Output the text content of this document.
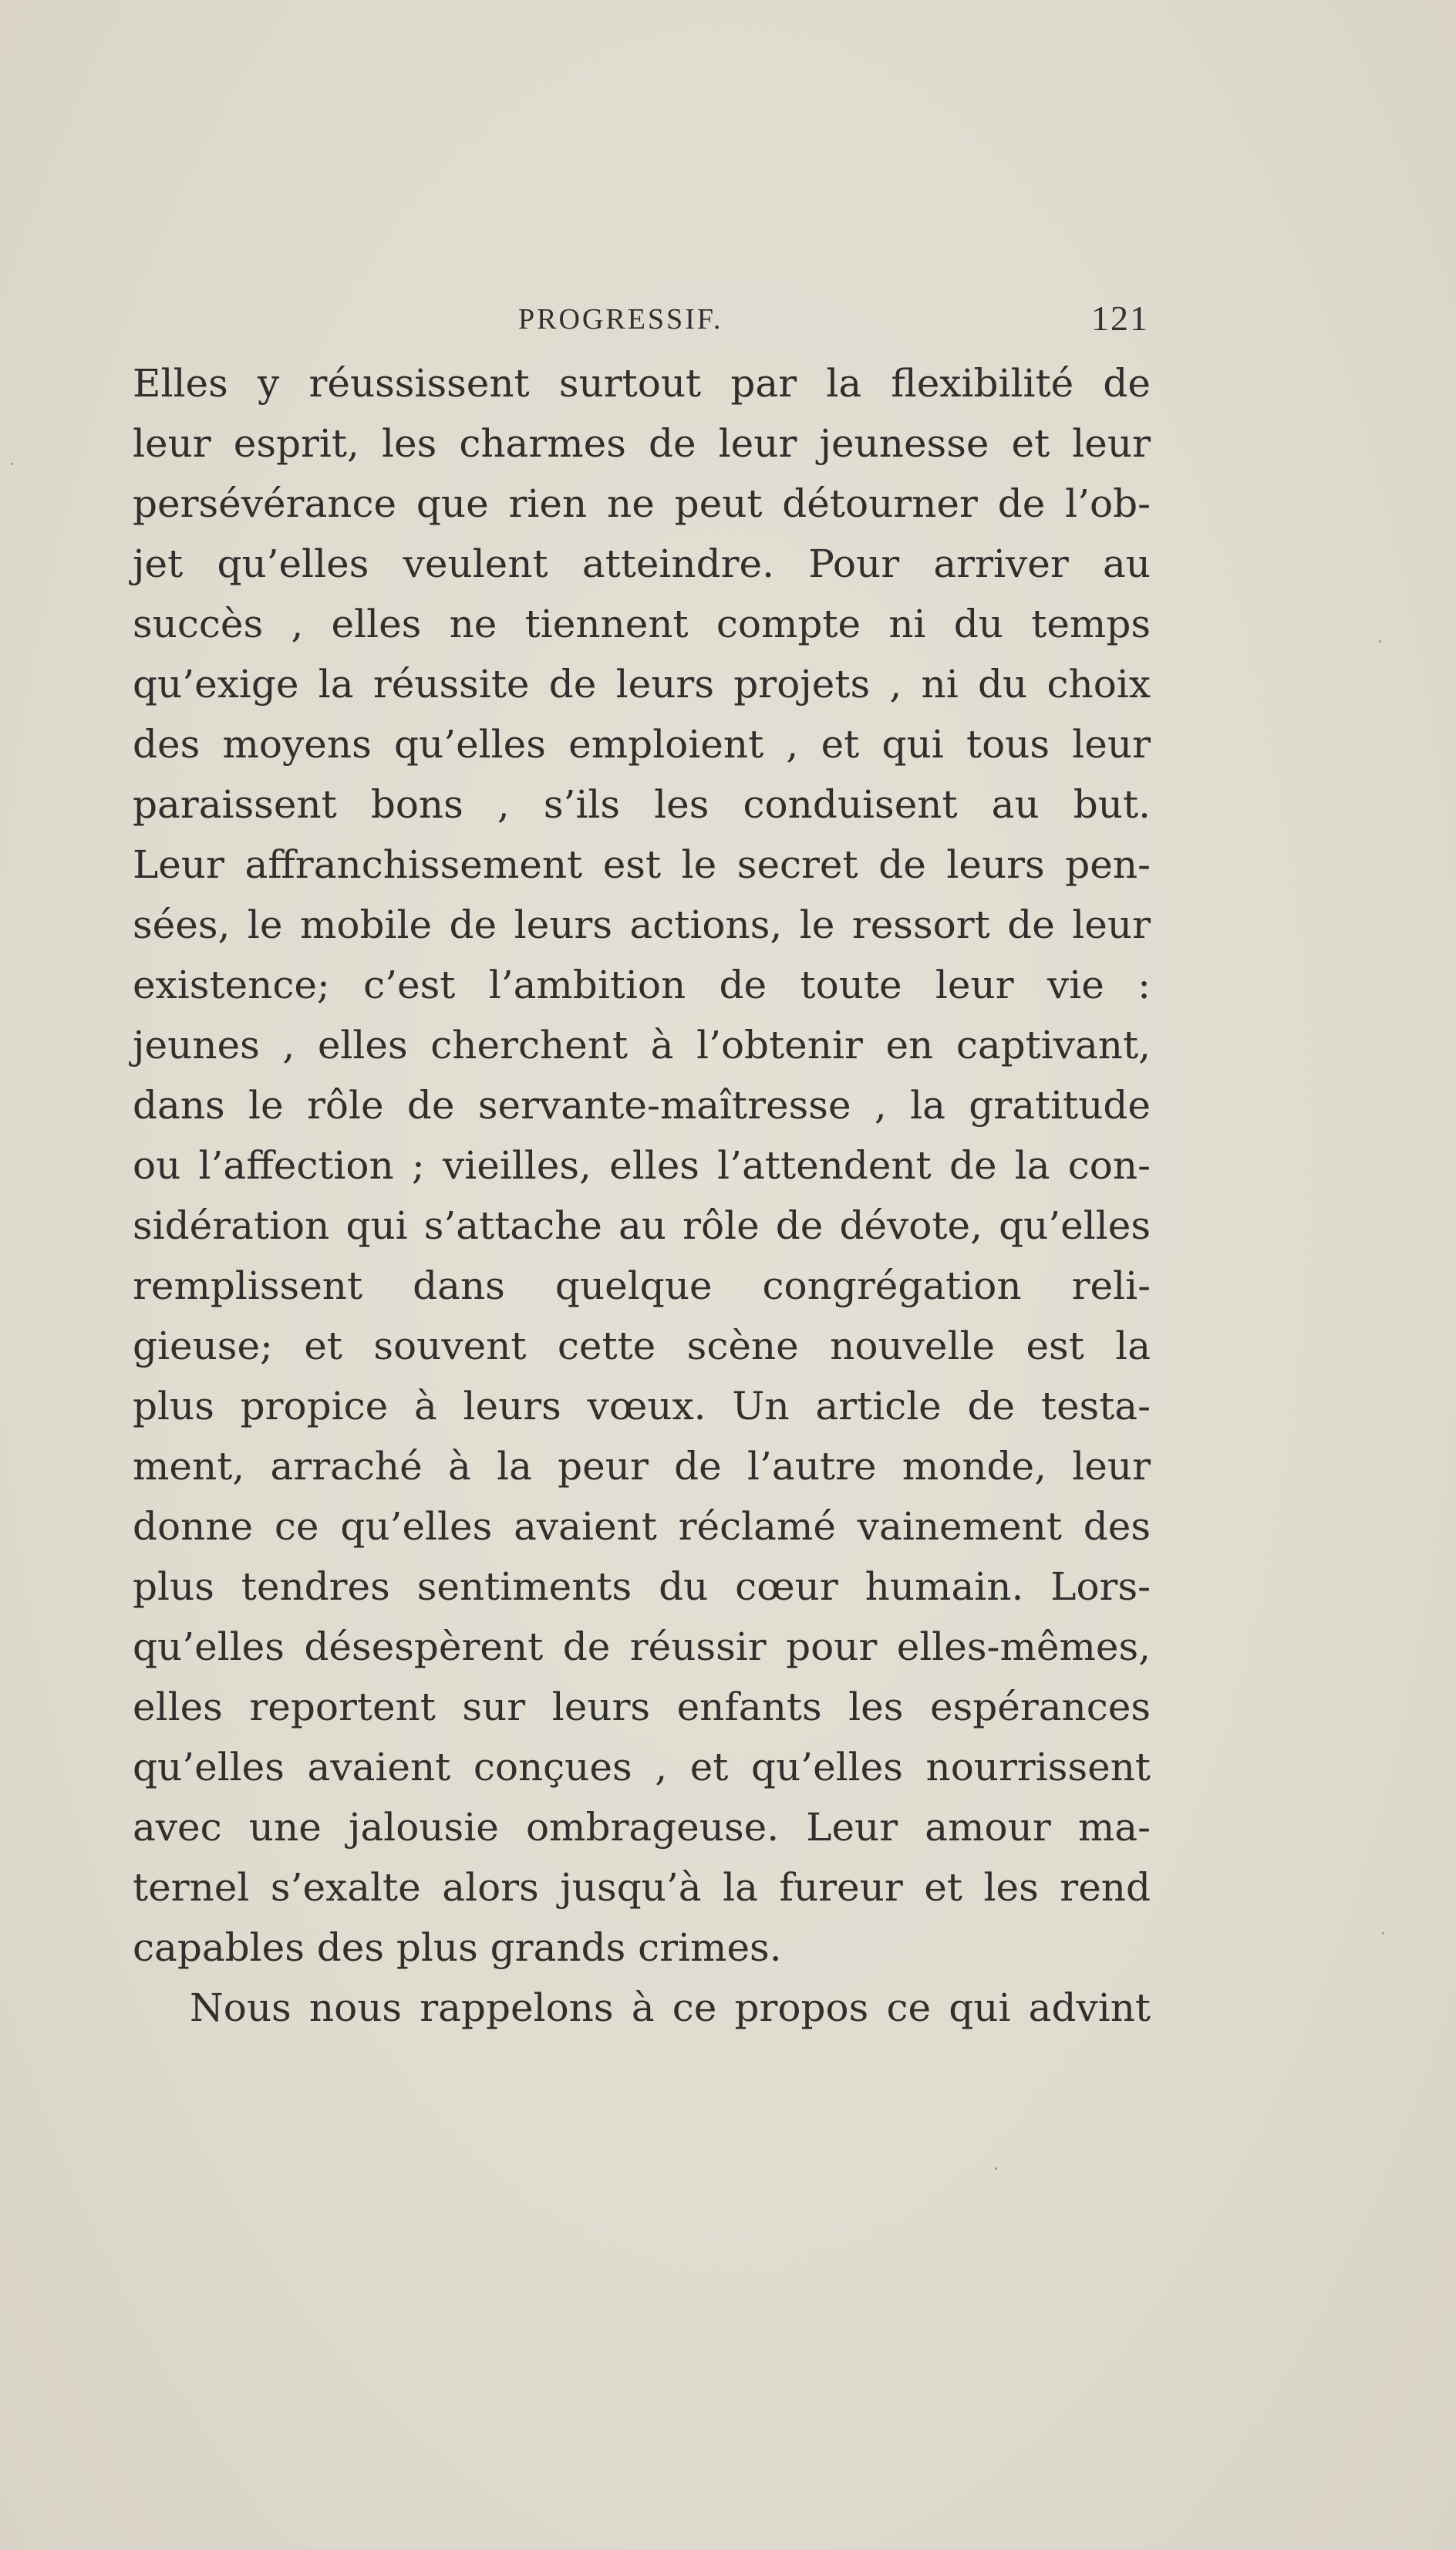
PROGRESSIF.	121
Elles y réussissent surtout par la flexibilité de
leur esprit, les charmes de leur jeunesse et leur
persévérance que rien ne peut détourner de l’ob-
jet qu’elles veulent atteindre. Pour arriver au
succès , elles ne tiennent compte ni du temps
qu’exige la réussite de leurs projets , ni du choix
des moyens qu’elles emploient , et qui tous leur
paraissent bons , s’ils les conduisent au but.
Leur affranchissement est le secret de leurs pen-
sées, le mobile de leurs actions, le ressort de leur
existence; c’est l’ambition de toute leur vie :
jeunes , elles cherchent à l’obtenir en captivant,
dans le rôle de servante-maîtresse , la gratitude
ou l’affection ; vieilles, elles l’attendent de la con-
sidération qui s’attache au rôle de dévote, qu’elles
remplissent dans quelque congrégation reli-
gieuse; et souvent cette scène nouvelle est la
plus propice à leurs vœux. Un article de testa-
ment, arraché à la peur de l’autre monde, leur
donne ce qu’elles avaient réclamé vainement des
plus tendres sentiments du cœur humain. Lors-
qu’elles désespèrent de réussir pour elles-mêmes,
elles reportent sur leurs enfants les espérances
qu’elles avaient conçues , et qu’elles nourrissent
avec une jalousie ombrageuse. Leur amour ma-
ternel s’exalte alors jusqu’à la fureur et les rend
capables des plus grands crimes.
Nous nous rappelons à ce propos ce qui advint
